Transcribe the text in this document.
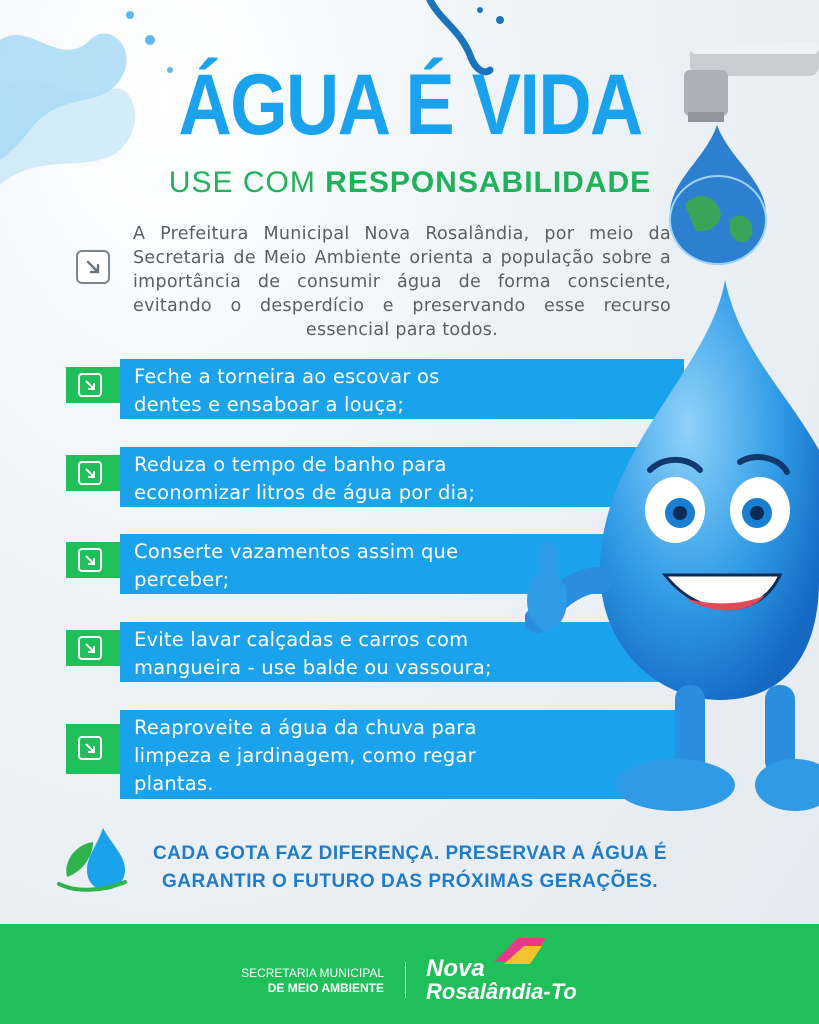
ÁGUA É VIDA
USE COM RESPONSABILIDADE
A Prefeitura Municipal Nova Rosalândia, por meio da Secretaria de Meio Ambiente orienta a população sobre a importância de consumir água de forma consciente, evitando o desperdício e preservando esse recurso essencial para todos.
Feche a torneira ao escovar os
dentes e ensaboar a louça;
Reduza o tempo de banho para
economizar litros de água por dia;
Conserte vazamentos assim que
perceber;
Evite lavar calçadas e carros com
mangueira - use balde ou vassoura;
Reaproveite a água da chuva para
limpeza e jardinagem, como regar
plantas.
CADA GOTA FAZ DIFERENÇA. PRESERVAR A ÁGUA É
GARANTIR O FUTURO DAS PRÓXIMAS GERAÇÕES.
SECRETARIA MUNICIPAL
DE MEIO AMBIENTE
Nova
Rosalândia-To
